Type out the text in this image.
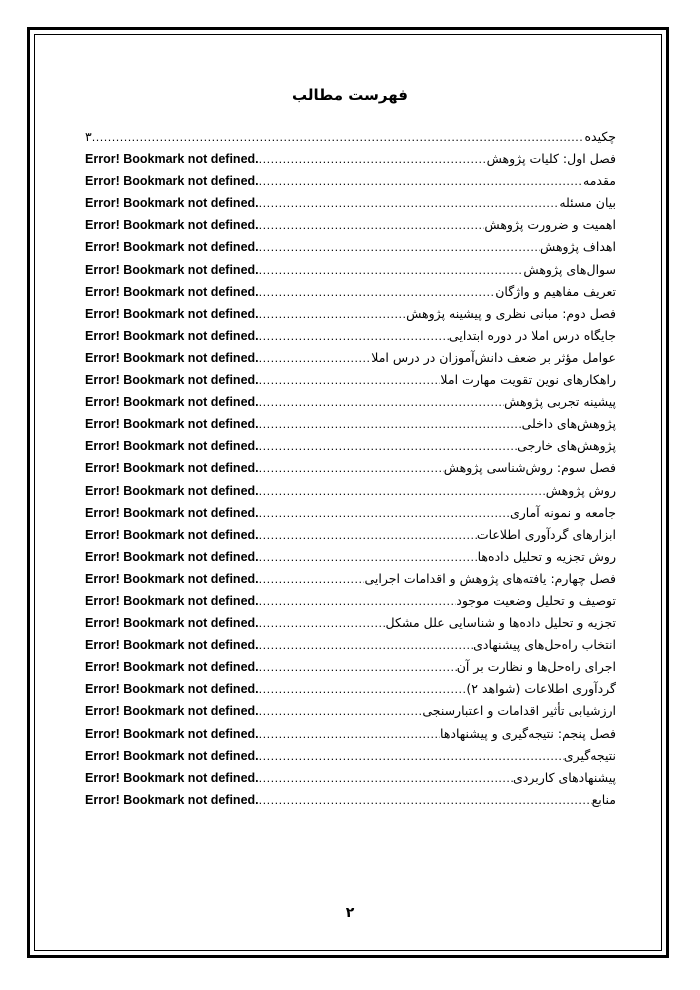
فهرست مطالب
چکیده
.....
۳
فصل اول: کلیات پژوهش
.....
Error! Bookmark not defined.
مقدمه
.....
Error! Bookmark not defined.
بیان مسئله
.....
Error! Bookmark not defined.
اهمیت و ضرورت پژوهش
.....
Error! Bookmark not defined.
اهداف پژوهش
.....
Error! Bookmark not defined.
سوال‌های پژوهش
.....
Error! Bookmark not defined.
تعریف مفاهیم و واژگان
.....
Error! Bookmark not defined.
فصل دوم: مبانی نظری و پیشینه پژوهش
.....
Error! Bookmark not defined.
جایگاه درس املا در دوره ابتدایی
.....
Error! Bookmark not defined.
عوامل مؤثر بر ضعف دانش‌آموزان در درس املا
.....
Error! Bookmark not defined.
راهکارهای نوین تقویت مهارت املا
.....
Error! Bookmark not defined.
پیشینه تجربی پژوهش
.....
Error! Bookmark not defined.
پژوهش‌های داخلی
.....
Error! Bookmark not defined.
پژوهش‌های خارجی
.....
Error! Bookmark not defined.
فصل سوم: روش‌شناسی پژوهش
.....
Error! Bookmark not defined.
روش پژوهش
.....
Error! Bookmark not defined.
جامعه و نمونه آماری
.....
Error! Bookmark not defined.
ابزارهای گردآوری اطلاعات
.....
Error! Bookmark not defined.
روش تجزیه و تحلیل داده‌ها
.....
Error! Bookmark not defined.
فصل چهارم: یافته‌های پژوهش و اقدامات اجرایی
.....
Error! Bookmark not defined.
توصیف و تحلیل وضعیت موجود
.....
Error! Bookmark not defined.
تجزیه و تحلیل داده‌ها و شناسایی علل مشکل
.....
Error! Bookmark not defined.
انتخاب راه‌حل‌های پیشنهادی
.....
Error! Bookmark not defined.
اجرای راه‌حل‌ها و نظارت بر آن
.....
Error! Bookmark not defined.
گردآوری اطلاعات (شواهد ۲)
.....
Error! Bookmark not defined.
ارزشیابی تأثیر اقدامات و اعتبارسنجی
.....
Error! Bookmark not defined.
فصل پنجم: نتیجه‌گیری و پیشنهادها
.....
Error! Bookmark not defined.
نتیجه‌گیری
.....
Error! Bookmark not defined.
پیشنهادهای کاربردی
.....
Error! Bookmark not defined.
منابع
.....
Error! Bookmark not defined.
۲
